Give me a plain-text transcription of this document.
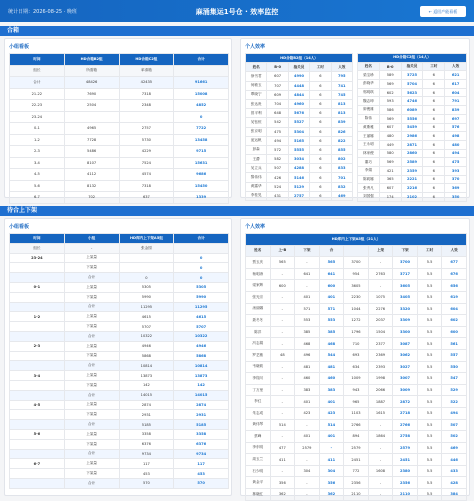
统计日期：2026-08-25 · 晚班	麻涌集运1号仓 · 效率监控	← 返回产能看板
合箱
小组看板
时间	HD合箱B2组	HD合箱C2组	合计
组长	所需箱	率请箱	
合计	48426	42435	91661
21-22	7690	7318	15008
22-23	2504	2348	4852
23-24			0
0-1	4965	2757	7722
1-2	7728	5730	13458
2-3	5486	4229	9715
3-4	8107	7524	15631
4-5	4112	4574	9686
5-6	8132	7318	15450
6-7	702	637	1339
个人效率
HD合箱B2组（14人）				
姓名	B-0	拖关员	工时	人效
徐书君	607	4990	6	795
何敏玉	707	4448	6	741
覃晓宁	609	4844	6	745
张达贵	704	4960	6	813
曾平利	648	5676	6	813
吴钰恒	542	5527	6	839
张京明	475	5304	6	826
庞运帆	494	5165	6	822
彭森	572	5555	6	855
王爵	582	3034	6	802
吴立兵	507	4288	6	833
黎伟伟	426	5146	6	701
黄露华	524	5129	6	832
李桂见	431	2757	6	469
HD合箱C2组（14人）				
姓名	B-0	拖关员	工时	人效
梁宝珍	589	3725	6	621
彭晓华	569	5704	6	617
郭明琪	602	5623	6	604
魏志坤	593	4746	6	791
廖俊雄	586	6089	6	839
陈伟	569	5556	6	697
黄斯雅	607	5459	6	576
王丽娜	480	2986	6	498
王永明	449	2871	6	480
林家俊	580	2860	6	494
董巧	569	2589	6	475
李娟	421	2359	6	393
陈莉娜	365	2221	6	370
张秀凡	607	2216	6	369
刘国强	174	2102	6	350
待合上下架
小组看板
时间	小组	HD库内上下架A5组	合计
组长	-	张金园	
23-24	上架量		0
	下架量		0
	合计	0	0
0-1	上架量	5305	5305
	下架量	5990	5990
	合计	11295	11295
1-2	上架量	4615	4615
	下架量	5707	5707
	合计	10322	10322
2-3	上架量	4946	4946
	下架量	5868	5868
	合计	10814	10814
3-4	上架量	13873	13873
	下架量	142	142
	合计	14015	14015
4-5	上架量	2874	2874
	下架量	2931	2931
	合计	5185	5185
5-6	上架量	3358	3358
	下架量	6376	6376
	合计	9734	9734
6-7	上架量	117	117
	下架量	453	453
	合计	570	570
个人效率
HD库内上下架A5组（21人）								
姓名	上-B	下架	合		上架	下架	工时	人效
贾玉庆	565	-	565	3700	-	3700	5.5	677
杨明涛	-	641	641	954	2763	3717	5.5	676
梁家辉	600	-	600	3605	-	3605	5.5	656
张光宗	-	401	401	2230	1075	3405	5.5	619
汤丽娜	-	571	571	1044	2276	3320	5.5	604
聂冬冬	-	553	553	1272	2037	3309	5.5	602
陈洋	-	385	385	1796	1504	3300	5.5	600
冯志娟	-	468	468	710	2377	3087	5.5	561
罗艺敏	48	496	544	693	2369	3062	5.5	557
韦晓莉	-	481	481	634	2393	3027	5.5	550
李翔川	-	460	460	1009	1998	3007	5.5	547
丁万里	-	383	383	943	2066	3009	5.5	529
李红	-	401	401	965	1887	2872	5.5	522
朱志成	-	423	423	1103	1615	2718	5.5	494
黄伟琴	514	-	514	2766	-	2766	5.5	507
蔡峰	-	401	401	894	1864	2758	5.5	502
李东明	477	2579	-	2579	-	2579	5.5	469
周玉兰	411	-	411	2451	-	2451	5.5	446
石少明	-	304	304	772	1608	2380	5.5	433
黄金平	356	-	356	2356	-	2356	5.5	428
林晓红	362	-	362	2110	-	2110	5.5	384
